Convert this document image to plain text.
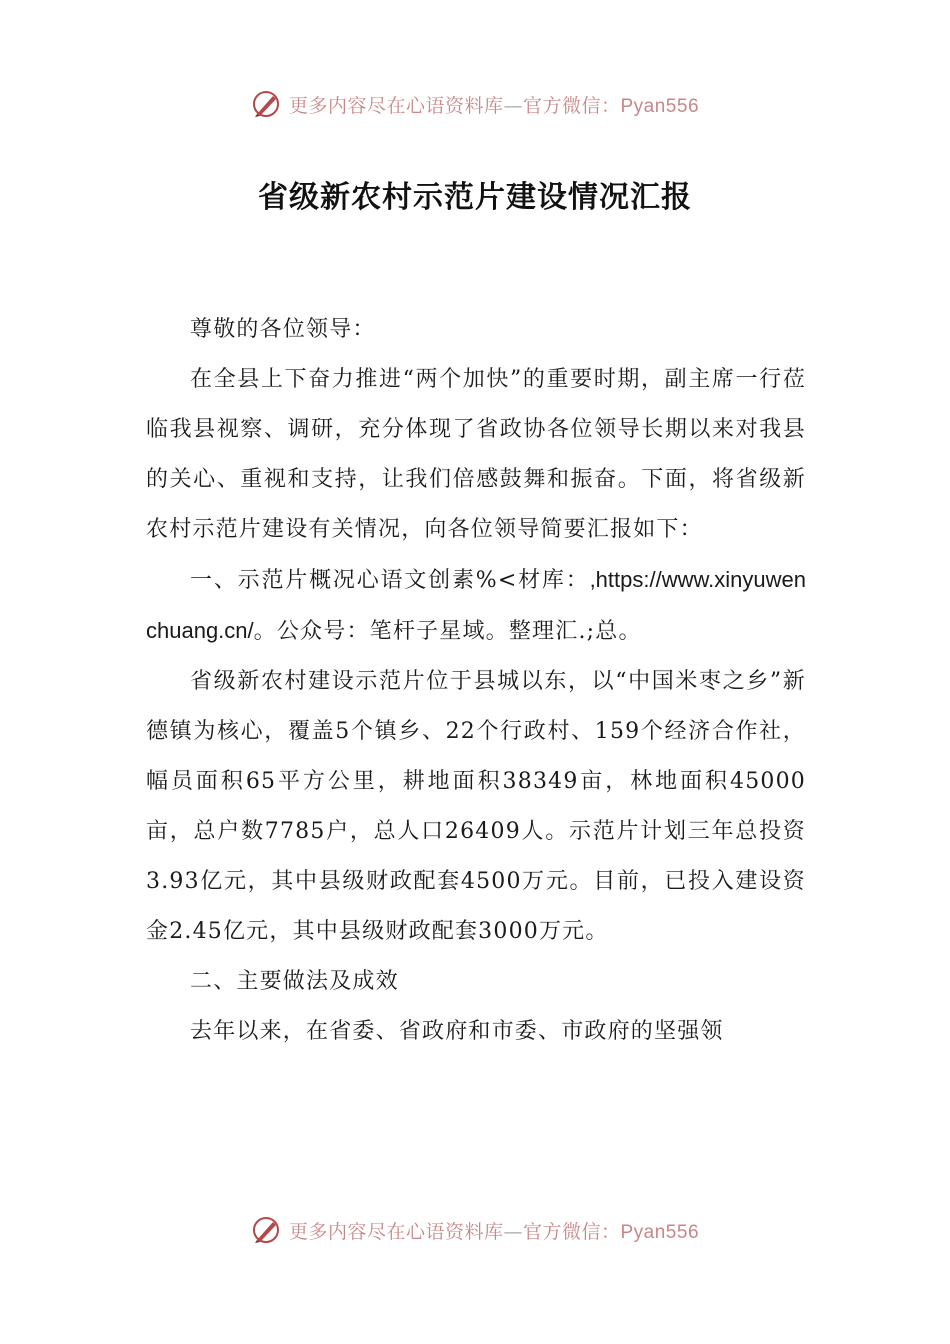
更多内容尽在心语资料库—官方微信：Pyan556
省级新农村示范片建设情况汇报

尊敬的各位领导：

在全县上下奋力推进“两个加快”的重要时期，副主席一行莅临我县视察、调研，充分体现了省政协各位领导长期以来对我县的关心、重视和支持，让我们倍感鼓舞和振奋。下面，将省级新农村示范片建设有关情况，向各位领导简要汇报如下：

一、示范片概况心语文创素%<材库：,https://www.xinyuwenchuang.cn/。公众号：笔杆子星域。整理汇.;总。

省级新农村建设示范片位于县城以东，以“中国米枣之乡”新德镇为核心，覆盖5个镇乡、22个行政村、159个经济合作社，幅员面积65平方公里，耕地面积38349亩，林地面积45000亩，总户数7785户，总人口26409人。示范片计划三年总投资3.93亿元，其中县级财政配套4500万元。目前，已投入建设资金2.45亿元，其中县级财政配套3000万元。

二、主要做法及成效

去年以来，在省委、省政府和市委、市政府的坚强领

更多内容尽在心语资料库—官方微信：Pyan556
